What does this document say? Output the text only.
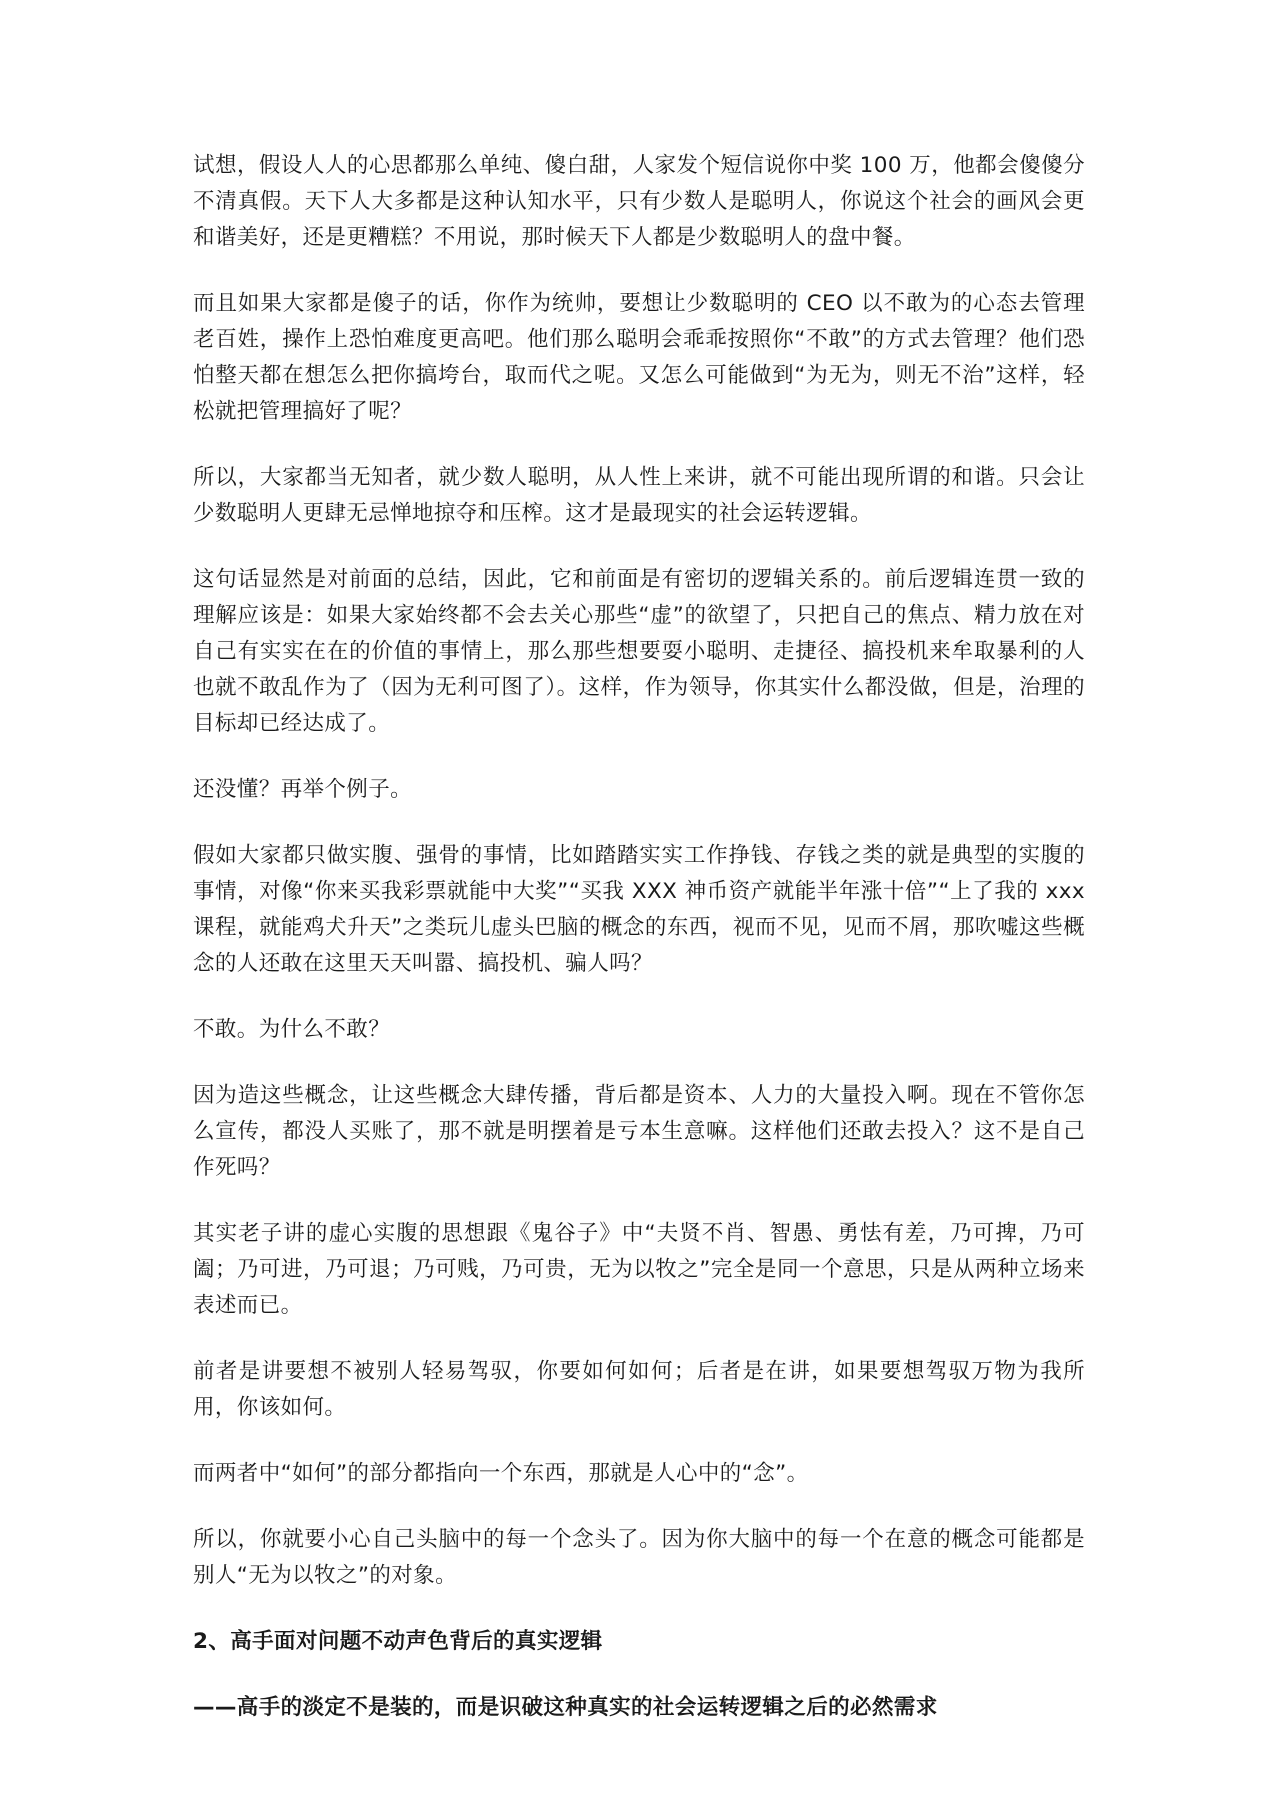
试想，假设人人的心思都那么单纯、傻白甜，人家发个短信说你中奖 100 万，他都会傻傻分不清真假。天下人大多都是这种认知水平，只有少数人是聪明人，你说这个社会的画风会更和谐美好，还是更糟糕？不用说，那时候天下人都是少数聪明人的盘中餐。

而且如果大家都是傻子的话，你作为统帅，要想让少数聪明的 CEO 以不敢为的心态去管理老百姓，操作上恐怕难度更高吧。他们那么聪明会乖乖按照你“不敢”的方式去管理？他们恐怕整天都在想怎么把你搞垮台，取而代之呢。又怎么可能做到“为无为，则无不治”这样，轻松就把管理搞好了呢？

所以，大家都当无知者，就少数人聪明，从人性上来讲，就不可能出现所谓的和谐。只会让少数聪明人更肆无忌惮地掠夺和压榨。这才是最现实的社会运转逻辑。

这句话显然是对前面的总结，因此，它和前面是有密切的逻辑关系的。前后逻辑连贯一致的理解应该是：如果大家始终都不会去关心那些“虚”的欲望了，只把自己的焦点、精力放在对自己有实实在在的价值的事情上，那么那些想要耍小聪明、走捷径、搞投机来牟取暴利的人也就不敢乱作为了（因为无利可图了）。这样，作为领导，你其实什么都没做，但是，治理的目标却已经达成了。

还没懂？再举个例子。

假如大家都只做实腹、强骨的事情，比如踏踏实实工作挣钱、存钱之类的就是典型的实腹的事情，对像“你来买我彩票就能中大奖”“买我 XXX 神币资产就能半年涨十倍”“上了我的 xxx 课程，就能鸡犬升天”之类玩儿虚头巴脑的概念的东西，视而不见，见而不屑，那吹嘘这些概念的人还敢在这里天天叫嚣、搞投机、骗人吗？

不敢。为什么不敢？

因为造这些概念，让这些概念大肆传播，背后都是资本、人力的大量投入啊。现在不管你怎么宣传，都没人买账了，那不就是明摆着是亏本生意嘛。这样他们还敢去投入？这不是自己作死吗？

其实老子讲的虚心实腹的思想跟《鬼谷子》中“夫贤不肖、智愚、勇怯有差，乃可捭，乃可阖；乃可进，乃可退；乃可贱，乃可贵，无为以牧之”完全是同一个意思，只是从两种立场来表述而已。

前者是讲要想不被别人轻易驾驭，你要如何如何；后者是在讲，如果要想驾驭万物为我所用，你该如何。

而两者中“如何”的部分都指向一个东西，那就是人心中的“念”。

所以，你就要小心自己头脑中的每一个念头了。因为你大脑中的每一个在意的概念可能都是别人“无为以牧之”的对象。

2、高手面对问题不动声色背后的真实逻辑

——高手的淡定不是装的，而是识破这种真实的社会运转逻辑之后的必然需求
